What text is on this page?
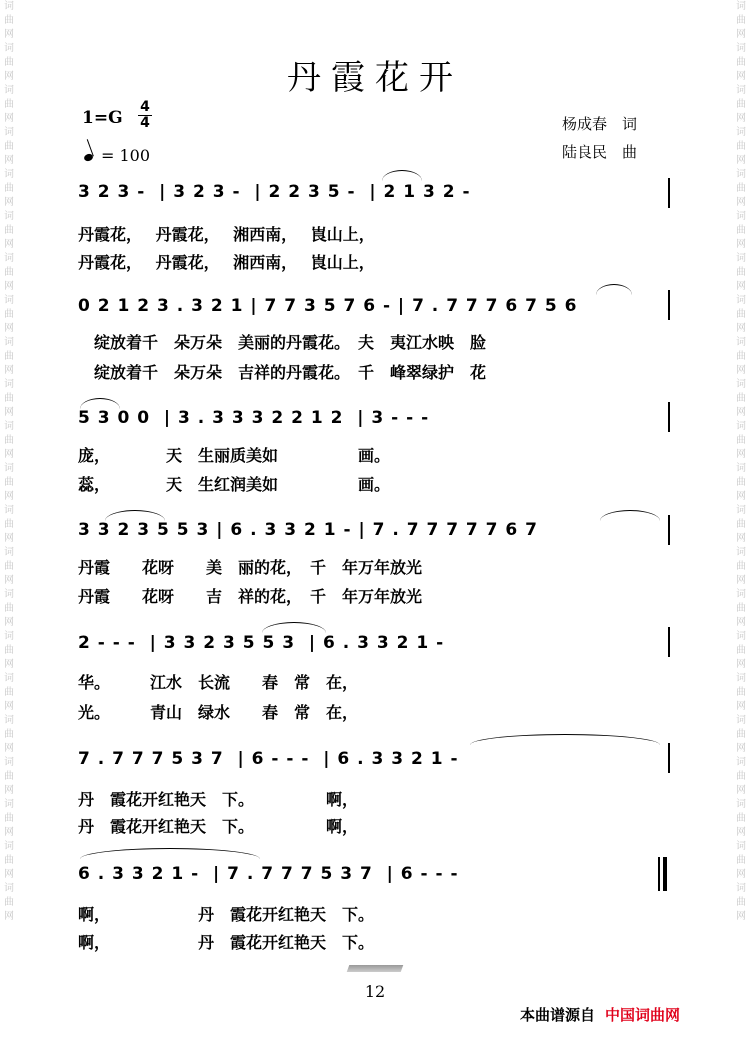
词曲网词曲网词曲网词曲网词曲网词曲网词曲网词曲网词曲网词曲网词曲网词曲网词曲网词曲网词曲网词曲网词曲网词曲网词曲网词曲网词曲网词曲网
词曲网词曲网词曲网词曲网词曲网词曲网词曲网词曲网词曲网词曲网词曲网词曲网词曲网词曲网词曲网词曲网词曲网词曲网词曲网词曲网词曲网词曲网
丹霞花开
1=G
4
4
= 100
杨成春　词
陆良民　曲
3 2 3 -  | 3 2 3 -  | 2 2 3 5 -  | 2 1 3 2 -
丹霞花，　 丹霞花，　 湘西南，　 崀山上，
丹霞花，　 丹霞花，　 湘西南，　 崀山上，
0 2 1 2 3 . 3 2 1 | 7 7 3 5 7 6 - | 7 . 7 7 7 6 7 5 6
　绽放着千　朵万朵　美丽的丹霞花。　夫　夷江水映　脸
　绽放着千　朵万朵　吉祥的丹霞花。　千　峰翠绿护　花
5 3 0 0  | 3 . 3 3 3 2 2 1 2  | 3 - - -
庞，　　　　天　生丽质美如　　　　　画。
蕊，　　　　天　生红润美如　　　　　画。
3 3 2 3 5 5 3 | 6 . 3 3 2 1 - | 7 . 7 7 7 7 7 6 7
丹霞　　花呀　　美　丽的花，　千　年万年放光
丹霞　　花呀　　吉　祥的花，　千　年万年放光
2 - - -  | 3 3 2 3 5 5 3  | 6 . 3 3 2 1 -
华。　　　江水　长流　　春　常　在，
光。　　　青山　绿水　　春　常　在，
7 . 7 7 7 5 3 7  | 6 - - -  | 6 . 3 3 2 1 -
丹　霞花开红艳天　下。　　　　　啊，
丹　霞花开红艳天　下。　　　　　啊，
6 . 3 3 2 1 -  | 7 . 7 7 7 5 3 7  | 6 - - -
啊，　　　　　　丹　霞花开红艳天　下。
啊，　　　　　　丹　霞花开红艳天　下。
12
本曲谱源自 中国词曲网
